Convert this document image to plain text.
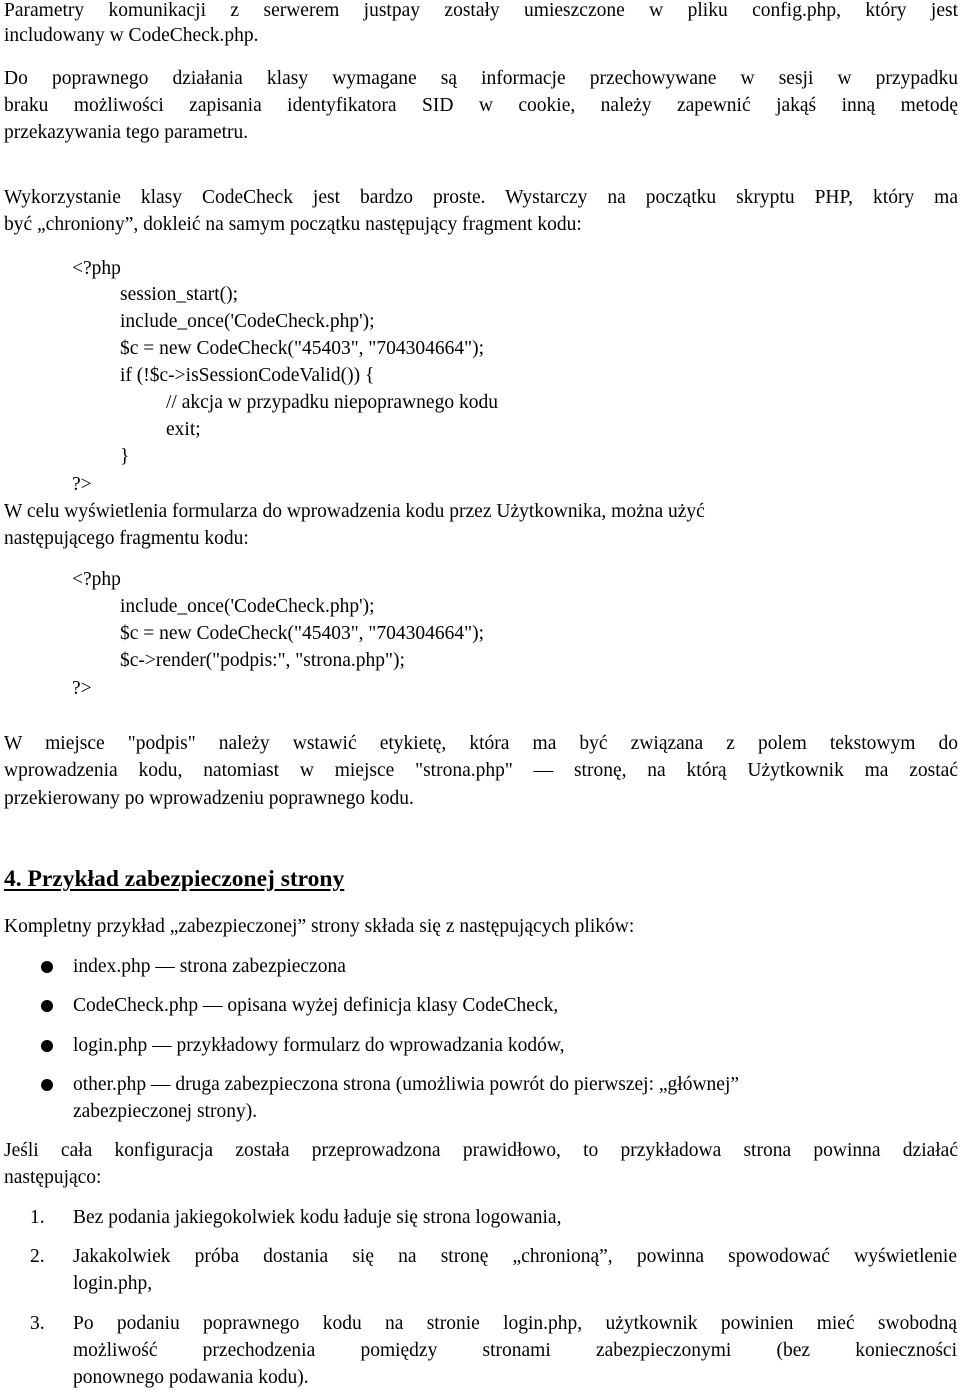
Parametry komunikacji z serwerem justpay zostały umieszczone w pliku config.php, który jest
includowany w CodeCheck.php.
Do poprawnego działania klasy wymagane są informacje przechowywane w sesji w przypadku
braku możliwości zapisania identyfikatora SID w cookie, należy zapewnić jakąś inną metodę
przekazywania tego parametru.
Wykorzystanie klasy CodeCheck jest bardzo proste. Wystarczy na początku skryptu PHP, który ma
być „chroniony”, doklеić na samym początku następujący fragment kodu:
<?php
session_start();
include_once('CodeCheck.php');
$c = new CodeCheck("45403", "704304664");
if (!$c->isSessionCodeValid()) {
// akcja w przypadku niepoprawnego kodu
exit;
}
?>
W celu wyświetlenia formularza do wprowadzenia kodu przez Użytkownika, można użyć
następującego fragmentu kodu:
<?php
include_once('CodeCheck.php');
$c = new CodeCheck("45403", "704304664");
$c->render("podpis:", "strona.php");
?>
W miejsce "podpis" należy wstawić etykietę, która ma być związana z polem tekstowym do
wprowadzenia kodu, natomiast w miejsce "strona.php" — stronę, na którą Użytkownik ma zostać
przekierowany po wprowadzeniu poprawnego kodu.
4. Przykład zabezpieczonej strony
Kompletny przykład „zabezpieczonej” strony składa się z następujących plików:
index.php — strona zabezpieczona
CodeCheck.php — opisana wyżej definicja klasy CodeCheck,
login.php — przykładowy formularz do wprowadzania kodów,
other.php — druga zabezpieczona strona (umożliwia powrót do pierwszej: „głównej”
zabezpieczonej strony).
Jeśli cała konfiguracja została przeprowadzona prawidłowo, to przykładowa strona powinna działać
następująco:
1. Bez podania jakiegokolwiek kodu ładuje się strona logowania,
2. Jakakolwiek próba dostania się na stronę „chronioną”, powinna spowodować wyświetlenie
login.php,
3. Po podaniu poprawnego kodu na stronie login.php, użytkownik powinien mieć swobodną
możliwość przechodzenia pomiędzy stronami zabezpieczonymi (bez konieczności
ponownego podawania kodu).
